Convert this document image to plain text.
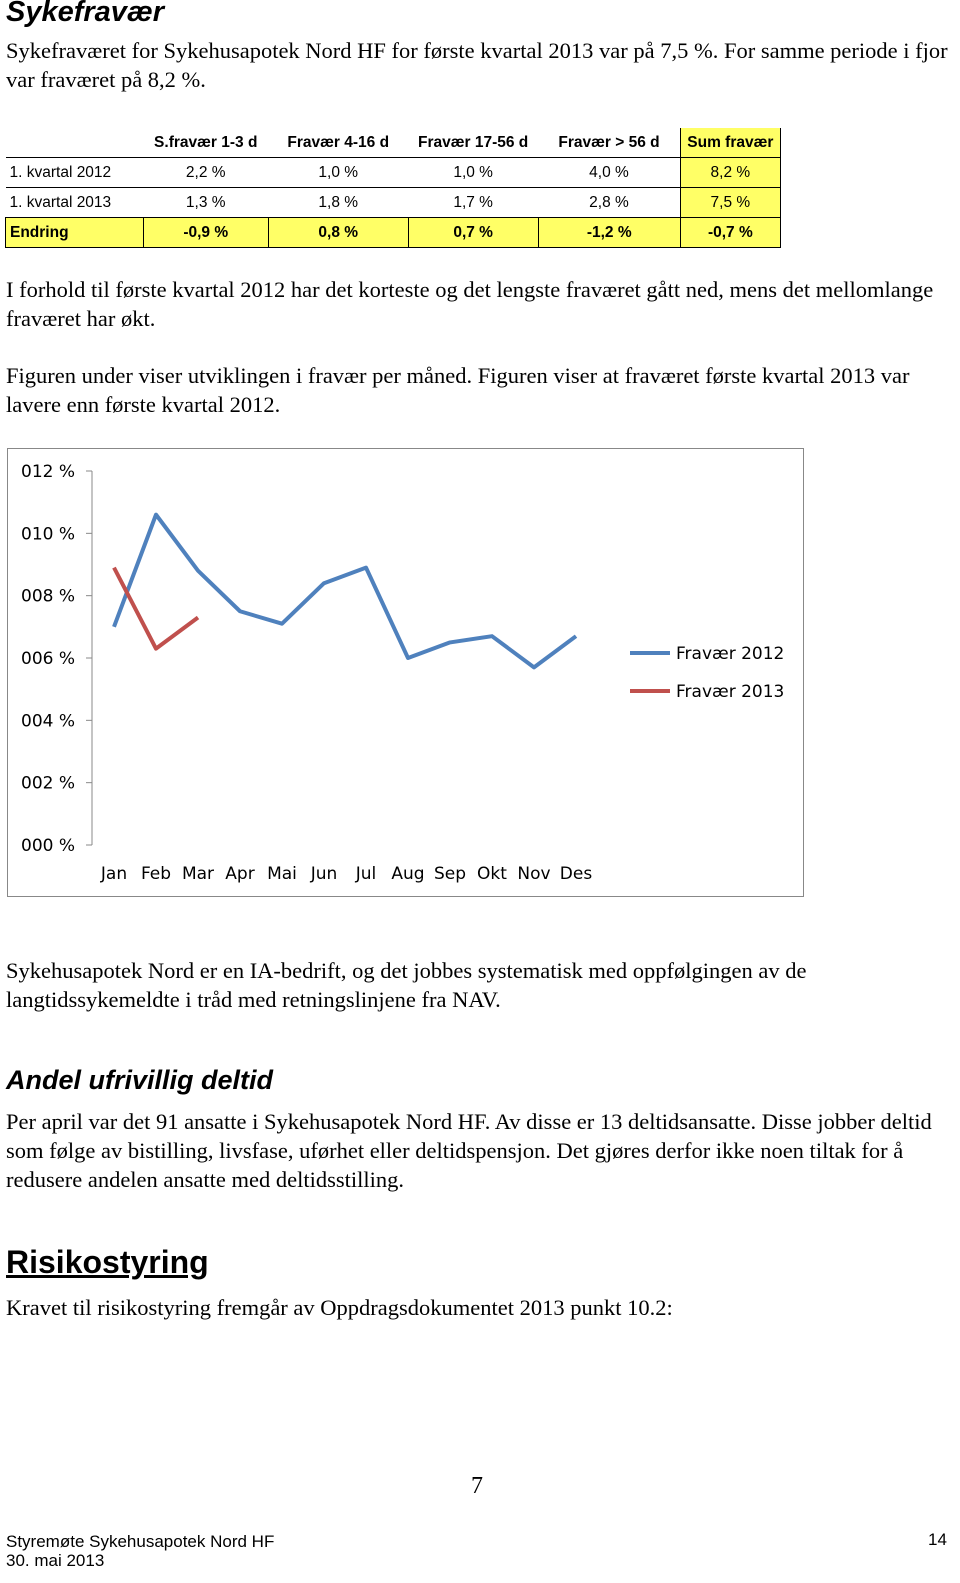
Sykefravær
Sykefraværet for Sykehusapotek Nord HF for første kvartal 2013 var på 7,5 %. For samme periode i fjor var fraværet på 8,2 %.
	S.fravær 1-3 d	Fravær 4-16 d	Fravær 17-56 d	Fravær > 56 d	Sum fravær
1. kvartal 2012	2,2 %	1,0 %	1,0 %	4,0 %	8,2 %
1. kvartal 2013	1,3 %	1,8 %	1,7 %	2,8 %	7,5 %
Endring	-0,9 %	0,8 %	0,7 %	-1,2 %	-0,7 %
I forhold til første kvartal 2012 har det korteste og det lengste fraværet gått ned, mens det mellomlange fraværet har økt.
Figuren under viser utviklingen i fravær per måned. Figuren viser at fraværet første kvartal 2013 var lavere enn første kvartal 2012.
000 %
002 %
004 %
006 %
008 %
010 %
012 %
Jan Feb Mar Apr Mai Jun Jul Aug Sep Okt Nov Des
Fravær 2012
Fravær 2013
Sykehusapotek Nord er en IA-bedrift, og det jobbes systematisk med oppfølgingen av de langtidssykemeldte i tråd med retningslinjene fra NAV.
Andel ufrivillig deltid
Per april var det 91 ansatte i Sykehusapotek Nord HF. Av disse er 13 deltidsansatte. Disse jobber deltid som følge av bistilling, livsfase, uførhet eller deltidspensjon. Det gjøres derfor ikke noen tiltak for å redusere andelen ansatte med deltidsstilling.
Risikostyring
Kravet til risikostyring fremgår av Oppdragsdokumentet 2013 punkt 10.2:
7
Styremøte Sykehusapotek Nord HF
30. mai 2013
14
